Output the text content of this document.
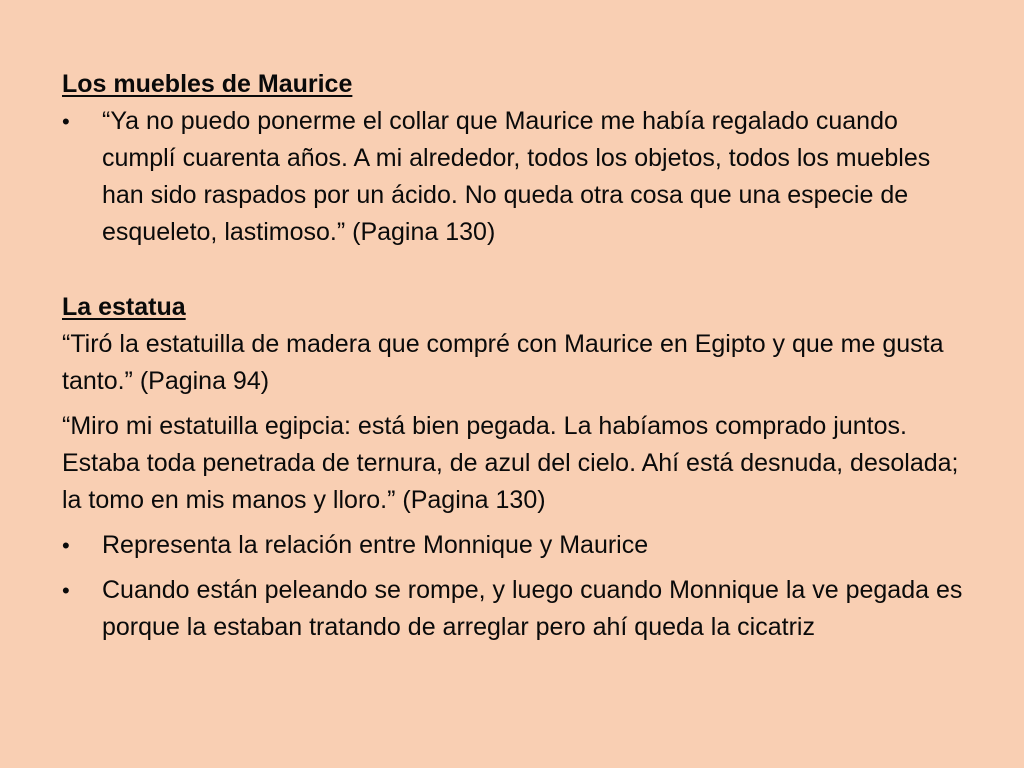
Los muebles de Maurice

•	“Ya no puedo ponerme el collar que Maurice me había regalado cuando cumplí cuarenta años. A mi alrededor, todos los objetos, todos los muebles han sido raspados por un ácido. No queda otra cosa que una especie de esqueleto, lastimoso.” (Pagina 130)

La estatua

“Tiró la estatuilla de madera que compré con Maurice en Egipto y que me gusta tanto.” (Pagina 94)

“Miro mi estatuilla egipcia: está bien pegada. La habíamos comprado juntos. Estaba toda penetrada de ternura, de azul del cielo. Ahí está desnuda, desolada; la tomo en mis manos y lloro.” (Pagina 130)

•	Representa la relación entre Monnique y Maurice
•	Cuando están peleando se rompe, y luego cuando Monnique la ve pegada es porque la estaban tratando de arreglar pero ahí queda la cicatriz
